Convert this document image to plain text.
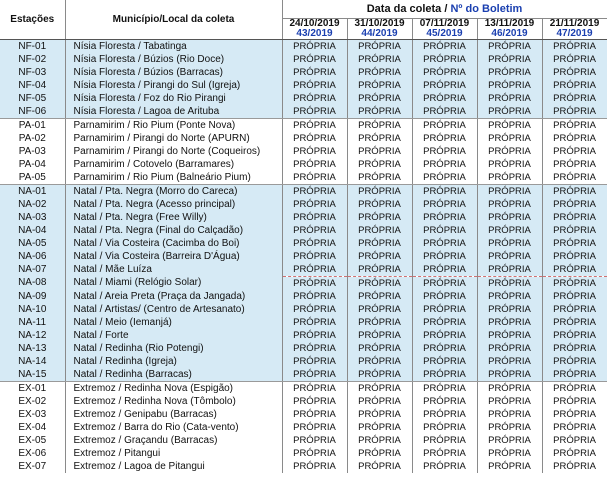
Estações	Município/Local da coleta	Data da coleta / Nº do Boletim				
		24/10/2019	31/10/2019	07/11/2019	13/11/2019	21/11/2019
		43/2019	44/2019	45/2019	46/2019	47/2019
NF-01	Nísia Floresta / Tabatinga	PRÓPRIA	PRÓPRIA	PRÓPRIA	PRÓPRIA	PRÓPRIA
NF-02	Nísia Floresta / Búzios (Rio Doce)	PRÓPRIA	PRÓPRIA	PRÓPRIA	PRÓPRIA	PRÓPRIA
NF-03	Nísia Floresta / Búzios (Barracas)	PRÓPRIA	PRÓPRIA	PRÓPRIA	PRÓPRIA	PRÓPRIA
NF-04	Nísia Floresta / Pirangi do Sul (Igreja)	PRÓPRIA	PRÓPRIA	PRÓPRIA	PRÓPRIA	PRÓPRIA
NF-05	Nísia Floresta / Foz do Rio Pirangi	PRÓPRIA	PRÓPRIA	PRÓPRIA	PRÓPRIA	PRÓPRIA
NF-06	Nísia Floresta / Lagoa de Arituba	PRÓPRIA	PRÓPRIA	PRÓPRIA	PRÓPRIA	PRÓPRIA
PA-01	Parnamirim / Rio Pium (Ponte Nova)	PRÓPRIA	PRÓPRIA	PRÓPRIA	PRÓPRIA	PRÓPRIA
PA-02	Parnamirim / Pirangi do Norte (APURN)	PRÓPRIA	PRÓPRIA	PRÓPRIA	PRÓPRIA	PRÓPRIA
PA-03	Parnamirim / Pirangi do Norte (Coqueiros)	PRÓPRIA	PRÓPRIA	PRÓPRIA	PRÓPRIA	PRÓPRIA
PA-04	Parnamirim / Cotovelo (Barramares)	PRÓPRIA	PRÓPRIA	PRÓPRIA	PRÓPRIA	PRÓPRIA
PA-05	Parnamirim / Rio Pium (Balneário Pium)	PRÓPRIA	PRÓPRIA	PRÓPRIA	PRÓPRIA	PRÓPRIA
NA-01	Natal / Pta. Negra (Morro do Careca)	PRÓPRIA	PRÓPRIA	PRÓPRIA	PRÓPRIA	PRÓPRIA
NA-02	Natal / Pta. Negra (Acesso principal)	PRÓPRIA	PRÓPRIA	PRÓPRIA	PRÓPRIA	PRÓPRIA
NA-03	Natal / Pta. Negra (Free Willy)	PRÓPRIA	PRÓPRIA	PRÓPRIA	PRÓPRIA	PRÓPRIA
NA-04	Natal / Pta. Negra (Final do Calçadão)	PRÓPRIA	PRÓPRIA	PRÓPRIA	PRÓPRIA	PRÓPRIA
NA-05	Natal / Via Costeira (Cacimba do Boi)	PRÓPRIA	PRÓPRIA	PRÓPRIA	PRÓPRIA	PRÓPRIA
NA-06	Natal / Via Costeira (Barreira D'Água)	PRÓPRIA	PRÓPRIA	PRÓPRIA	PRÓPRIA	PRÓPRIA
NA-07	Natal / Mãe Luíza	PRÓPRIA	PRÓPRIA	PRÓPRIA	PRÓPRIA	PRÓPRIA
NA-08	Natal / Miami (Relógio Solar)	PRÓPRIA	PRÓPRIA	PRÓPRIA	PRÓPRIA	PRÓPRIA
NA-09	Natal / Areia Preta (Praça da Jangada)	PRÓPRIA	PRÓPRIA	PRÓPRIA	PRÓPRIA	PRÓPRIA
NA-10	Natal / Artistas/ (Centro de Artesanato)	PRÓPRIA	PRÓPRIA	PRÓPRIA	PRÓPRIA	PRÓPRIA
NA-11	Natal / Meio (Iemanjá)	PRÓPRIA	PRÓPRIA	PRÓPRIA	PRÓPRIA	PRÓPRIA
NA-12	Natal / Forte	PRÓPRIA	PRÓPRIA	PRÓPRIA	PRÓPRIA	PRÓPRIA
NA-13	Natal / Redinha (Rio Potengi)	PRÓPRIA	PRÓPRIA	PRÓPRIA	PRÓPRIA	PRÓPRIA
NA-14	Natal / Redinha (Igreja)	PRÓPRIA	PRÓPRIA	PRÓPRIA	PRÓPRIA	PRÓPRIA
NA-15	Natal / Redinha (Barracas)	PRÓPRIA	PRÓPRIA	PRÓPRIA	PRÓPRIA	PRÓPRIA
EX-01	Extremoz / Redinha Nova (Espigão)	PRÓPRIA	PRÓPRIA	PRÓPRIA	PRÓPRIA	PRÓPRIA
EX-02	Extremoz / Redinha Nova (Tômbolo)	PRÓPRIA	PRÓPRIA	PRÓPRIA	PRÓPRIA	PRÓPRIA
EX-03	Extremoz / Genipabu (Barracas)	PRÓPRIA	PRÓPRIA	PRÓPRIA	PRÓPRIA	PRÓPRIA
EX-04	Extremoz / Barra do Rio (Cata-vento)	PRÓPRIA	PRÓPRIA	PRÓPRIA	PRÓPRIA	PRÓPRIA
EX-05	Extremoz / Graçandu (Barracas)	PRÓPRIA	PRÓPRIA	PRÓPRIA	PRÓPRIA	PRÓPRIA
EX-06	Extremoz / Pitangui	PRÓPRIA	PRÓPRIA	PRÓPRIA	PRÓPRIA	PRÓPRIA
EX-07	Extremoz / Lagoa de Pitangui	PRÓPRIA	PRÓPRIA	PRÓPRIA	PRÓPRIA	PRÓPRIA
